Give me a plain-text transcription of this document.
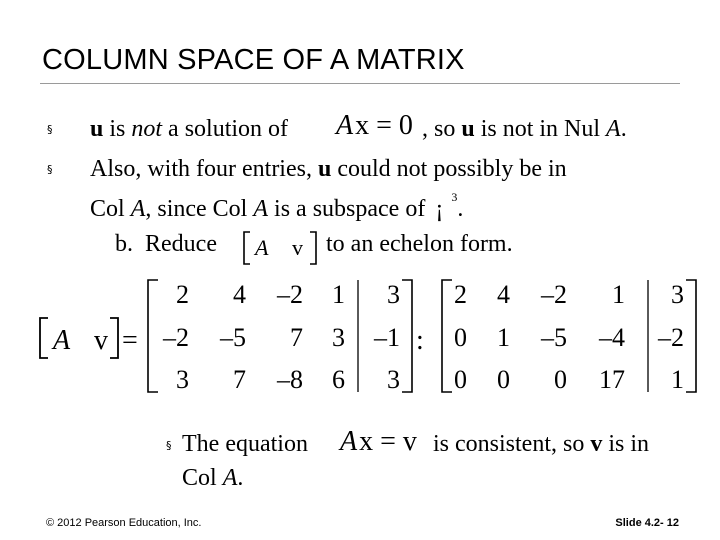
COLUMN SPACE OF A MATRIX
§
§
u is not a solution of Ax = 0 , so u is not in Nul A.
Also, with four entries, u could not possibly be in
Col A, since Col A is a subspace of ¡ $^3$.
b. Reduce A v to an echelon form.
A v =
2 4 –2 1 3
–2 –5 7 3 –1
3 7 –8 6 3
:
2 4 –2 1 3
0 1 –5 –4 –2
0 0 0 17 1
§ The equation Ax = v is consistent, so v is in
Col A.
© 2012 Pearson Education, Inc.	Slide 4.2- 12
